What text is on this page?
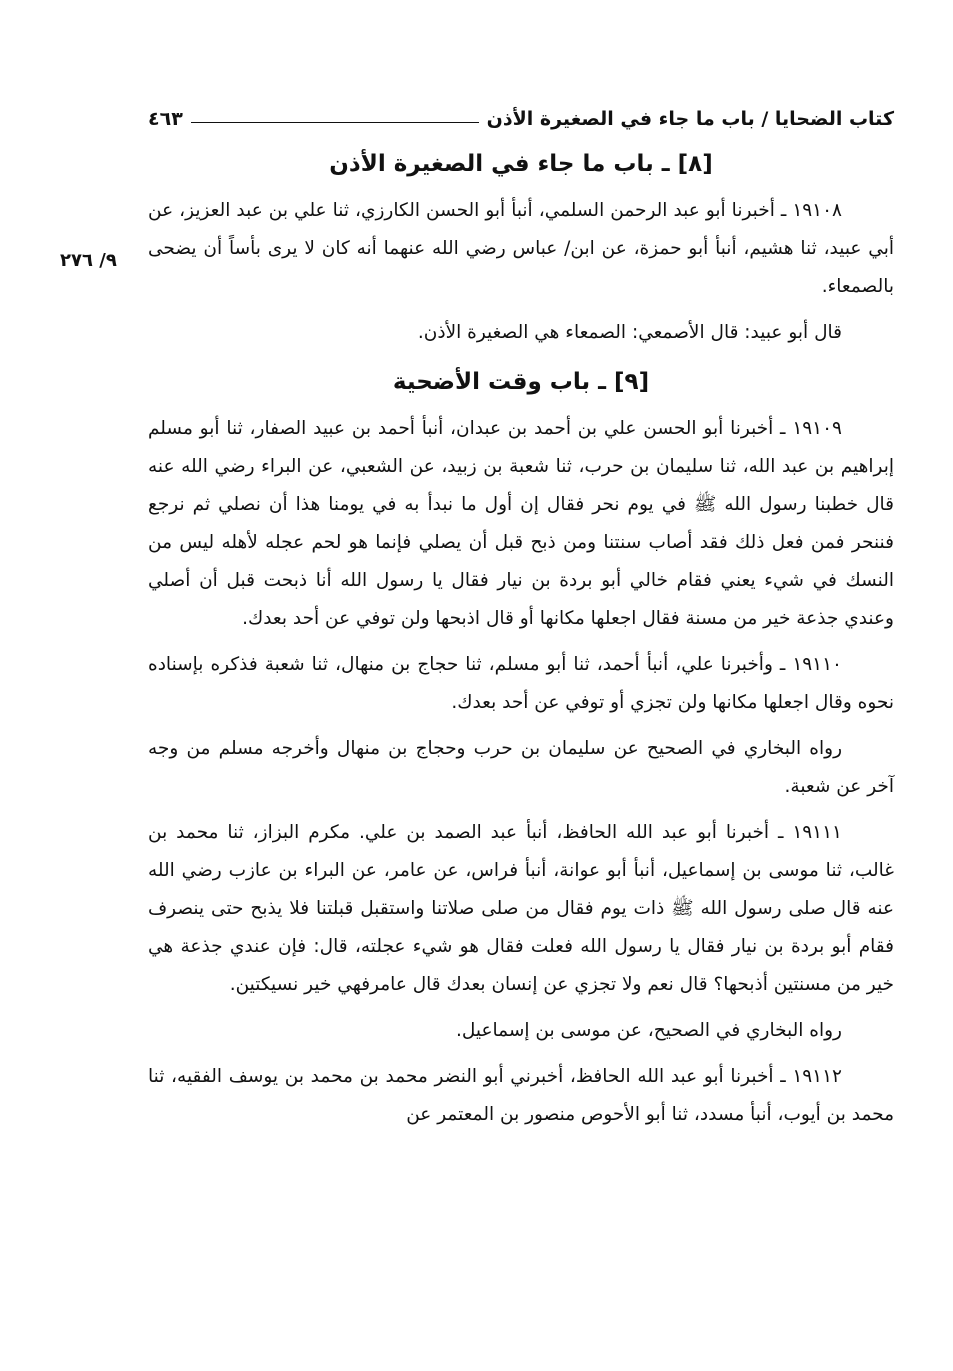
كتاب الضحايا / باب ما جاء في الصغيرة الأذن
٤٦٣
٩/ ٢٧٦
[٨] ـ باب ما جاء في الصغيرة الأذن

١٩١٠٨ ـ أخبرنا أبو عبد الرحمن السلمي، أنبأ أبو الحسن الكارزي، ثنا علي بن عبد العزيز، عن أبي عبيد، ثنا هشيم، أنبأ أبو حمزة، عن ابن/ عباس رضي الله عنهما أنه كان لا يرى بأساً أن يضحى بالصمعاء.

قال أبو عبيد: قال الأصمعي: الصمعاء هي الصغيرة الأذن.

[٩] ـ باب وقت الأضحية

١٩١٠٩ ـ أخبرنا أبو الحسن علي بن أحمد بن عبدان، أنبأ أحمد بن عبيد الصفار، ثنا أبو مسلم إبراهيم بن عبد الله، ثنا سليمان بن حرب، ثنا شعبة بن زبيد، عن الشعبي، عن البراء رضي الله عنه قال خطبنا رسول الله ﷺ في يوم نحر فقال إن أول ما نبدأ به في يومنا هذا أن نصلي ثم نرجع فننحر فمن فعل ذلك فقد أصاب سنتنا ومن ذبح قبل أن يصلي فإنما هو لحم عجله لأهله ليس من النسك في شيء يعني فقام خالي أبو بردة بن نيار فقال يا رسول الله أنا ذبحت قبل أن أصلي وعندي جذعة خير من مسنة فقال اجعلها مكانها أو قال اذبحها ولن توفي عن أحد بعدك.

١٩١١٠ ـ وأخبرنا علي، أنبأ أحمد، ثنا أبو مسلم، ثنا حجاج بن منهال، ثنا شعبة فذكره بإسناده نحوه وقال اجعلها مكانها ولن تجزي أو توفي عن أحد بعدك.

رواه البخاري في الصحيح عن سليمان بن حرب وحجاج بن منهال وأخرجه مسلم من وجه آخر عن شعبة.

١٩١١١ ـ أخبرنا أبو عبد الله الحافظ، أنبأ عبد الصمد بن علي. مكرم البزاز، ثنا محمد بن غالب، ثنا موسى بن إسماعيل، أنبأ أبو عوانة، أنبأ فراس، عن عامر، عن البراء بن عازب رضي الله عنه قال صلى رسول الله ﷺ ذات يوم فقال من صلى صلاتنا واستقبل قبلتنا فلا يذبح حتى ينصرف فقام أبو بردة بن نيار فقال يا رسول الله فعلت فقال هو شيء عجلته، قال: فإن عندي جذعة هي خير من مسنتين أذبحها؟ قال نعم ولا تجزي عن إنسان بعدك قال عامرفهي خير نسيكتين.

رواه البخاري في الصحيح، عن موسى بن إسماعيل.

١٩١١٢ ـ أخبرنا أبو عبد الله الحافظ، أخبرني أبو النضر محمد بن محمد بن يوسف الفقيه، ثنا محمد بن أيوب، أنبأ مسدد، ثنا أبو الأحوص منصور بن المعتمر عن
